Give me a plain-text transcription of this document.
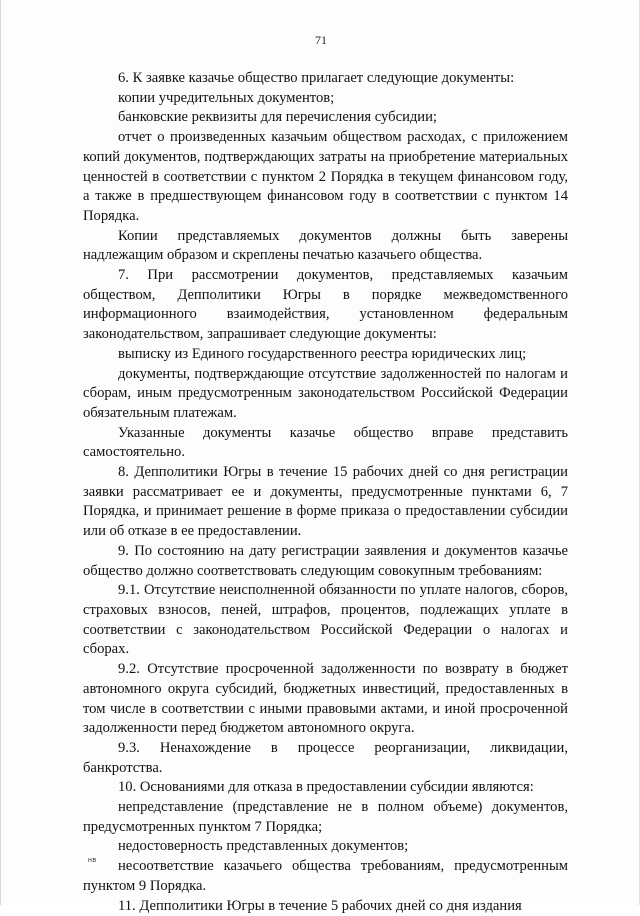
71

6. К заявке казачье общество прилагает следующие документы:

копии учредительных документов;

банковские реквизиты для перечисления субсидии;

отчет о произведенных казачьим обществом расходах, с приложением копий документов, подтверждающих затраты на приобретение материальных ценностей в соответствии с пунктом 2 Порядка в текущем финансовом году, а также в предшествующем финансовом году в соответствии с пунктом 14 Порядка.

Копии представляемых документов должны быть заверены надлежащим образом и скреплены печатью казачьего общества.

7. При рассмотрении документов, представляемых казачьим обществом, Депполитики Югры в порядке межведомственного информационного взаимодействия, установленном федеральным законодательством, запрашивает следующие документы:

выписку из Единого государственного реестра юридических лиц;

документы, подтверждающие отсутствие задолженностей по налогам и сборам, иным предусмотренным законодательством Российской Федерации обязательным платежам.

Указанные документы казачье общество вправе представить самостоятельно.

8. Депполитики Югры в течение 15 рабочих дней со дня регистрации заявки рассматривает ее и документы, предусмотренные пунктами 6, 7 Порядка, и принимает решение в форме приказа о предоставлении субсидии или об отказе в ее предоставлении.

9. По состоянию на дату регистрации заявления и документов казачье общество должно соответствовать следующим совокупным требованиям:

9.1. Отсутствие неисполненной обязанности по уплате налогов, сборов, страховых взносов, пеней, штрафов, процентов, подлежащих уплате в соответствии с законодательством Российской Федерации о налогах и сборах.

9.2. Отсутствие просроченной задолженности по возврату в бюджет автономного округа субсидий, бюджетных инвестиций, предоставленных в том числе в соответствии с иными правовыми актами, и иной просроченной задолженности перед бюджетом автономного округа.

9.3. Ненахождение в процессе реорганизации, ликвидации, банкротства.

10. Основаниями для отказа в предоставлении субсидии являются:

непредставление (представление не в полном объеме) документов, предусмотренных пунктом 7 Порядка;

недостоверность представленных документов;

несоответствие казачьего общества требованиям, предусмотренным пунктом 9 Порядка.

11. Депполитики Югры в течение 5 рабочих дней со дня издания

нв
